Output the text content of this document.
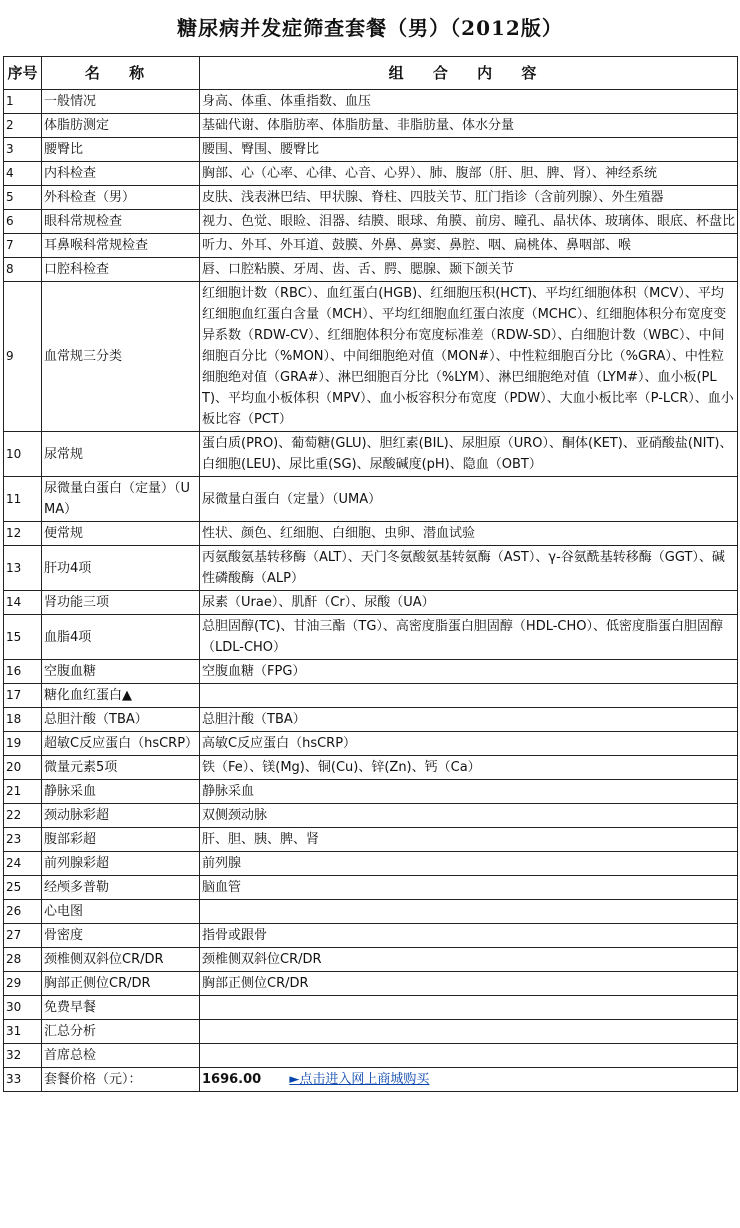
糖尿病并发症筛查套餐（男）（2012版）
序号	名 称	组 合 内 容
1	一般情况	身高、体重、体重指数、血压
2	体脂肪测定	基础代谢、体脂肪率、体脂肪量、非脂肪量、体水分量
3	腰臀比	腰围、臀围、腰臀比
4	内科检查	胸部、心（心率、心律、心音、心界）、肺、腹部（肝、胆、脾、肾）、神经系统
5	外科检查（男）	皮肤、浅表淋巴结、甲状腺、脊柱、四肢关节、肛门指诊（含前列腺）、外生殖器
6	眼科常规检查	视力、色觉、眼睑、泪器、结膜、眼球、角膜、前房、瞳孔、晶状体、玻璃体、眼底、杯盘比
7	耳鼻喉科常规检查	听力、外耳、外耳道、鼓膜、外鼻、鼻窦、鼻腔、咽、扁桃体、鼻咽部、喉
8	口腔科检查	唇、口腔粘膜、牙周、齿、舌、腭、腮腺、颞下颌关节
9	血常规三分类	红细胞计数（RBC）、血红蛋白(HGB)、红细胞压积(HCT)、平均红细胞体积（MCV）、平均红细胞血红蛋白含量（MCH）、平均红细胞血红蛋白浓度（MCHC）、红细胞体积分布宽度变异系数（RDW-CV）、红细胞体积分布宽度标准差（RDW-SD）、白细胞计数（WBC）、中间细胞百分比（%MON）、中间细胞绝对值（MON#）、中性粒细胞百分比（%GRA）、中性粒细胞绝对值（GRA#）、淋巴细胞百分比（%LYM）、淋巴细胞绝对值（LYM#）、血小板(PLT)、平均血小板体积（MPV）、血小板容积分布宽度（PDW）、大血小板比率（P-LCR）、血小板比容（PCT）
10	尿常规	蛋白质(PRO)、葡萄糖(GLU)、胆红素(BIL)、尿胆原（URO）、酮体(KET)、亚硝酸盐(NIT)、白细胞(LEU)、尿比重(SG)、尿酸碱度(pH)、隐血（OBT）
11	尿微量白蛋白（定量）（UMA）	尿微量白蛋白（定量）（UMA）
12	便常规	性状、颜色、红细胞、白细胞、虫卵、潜血试验
13	肝功4项	丙氨酸氨基转移酶（ALT）、天门冬氨酸氨基转氨酶（AST）、γ-谷氨酰基转移酶（GGT）、碱性磷酸酶（ALP）
14	肾功能三项	尿素（Urae）、肌酐（Cr）、尿酸（UA）
15	血脂4项	总胆固醇(TC)、甘油三酯（TG）、高密度脂蛋白胆固醇（HDL-CHO）、低密度脂蛋白胆固醇（LDL-CHO）
16	空腹血糖	空腹血糖（FPG）
17	糖化血红蛋白▲	
18	总胆汁酸（TBA）	总胆汁酸（TBA）
19	超敏C反应蛋白（hsCRP）	高敏C反应蛋白（hsCRP）
20	微量元素5项	铁（Fe）、镁(Mg)、铜(Cu)、锌(Zn)、钙（Ca）
21	静脉采血	静脉采血
22	颈动脉彩超	双侧颈动脉
23	腹部彩超	肝、胆、胰、脾、肾
24	前列腺彩超	前列腺
25	经颅多普勒	脑血管
26	心电图	
27	骨密度	指骨或跟骨
28	颈椎侧双斜位CR/DR	颈椎侧双斜位CR/DR
29	胸部正侧位CR/DR	胸部正侧位CR/DR
30	免费早餐	
31	汇总分析	
32	首席总检	
33	套餐价格（元）：	1696.00 ►点击进入网上商城购买
